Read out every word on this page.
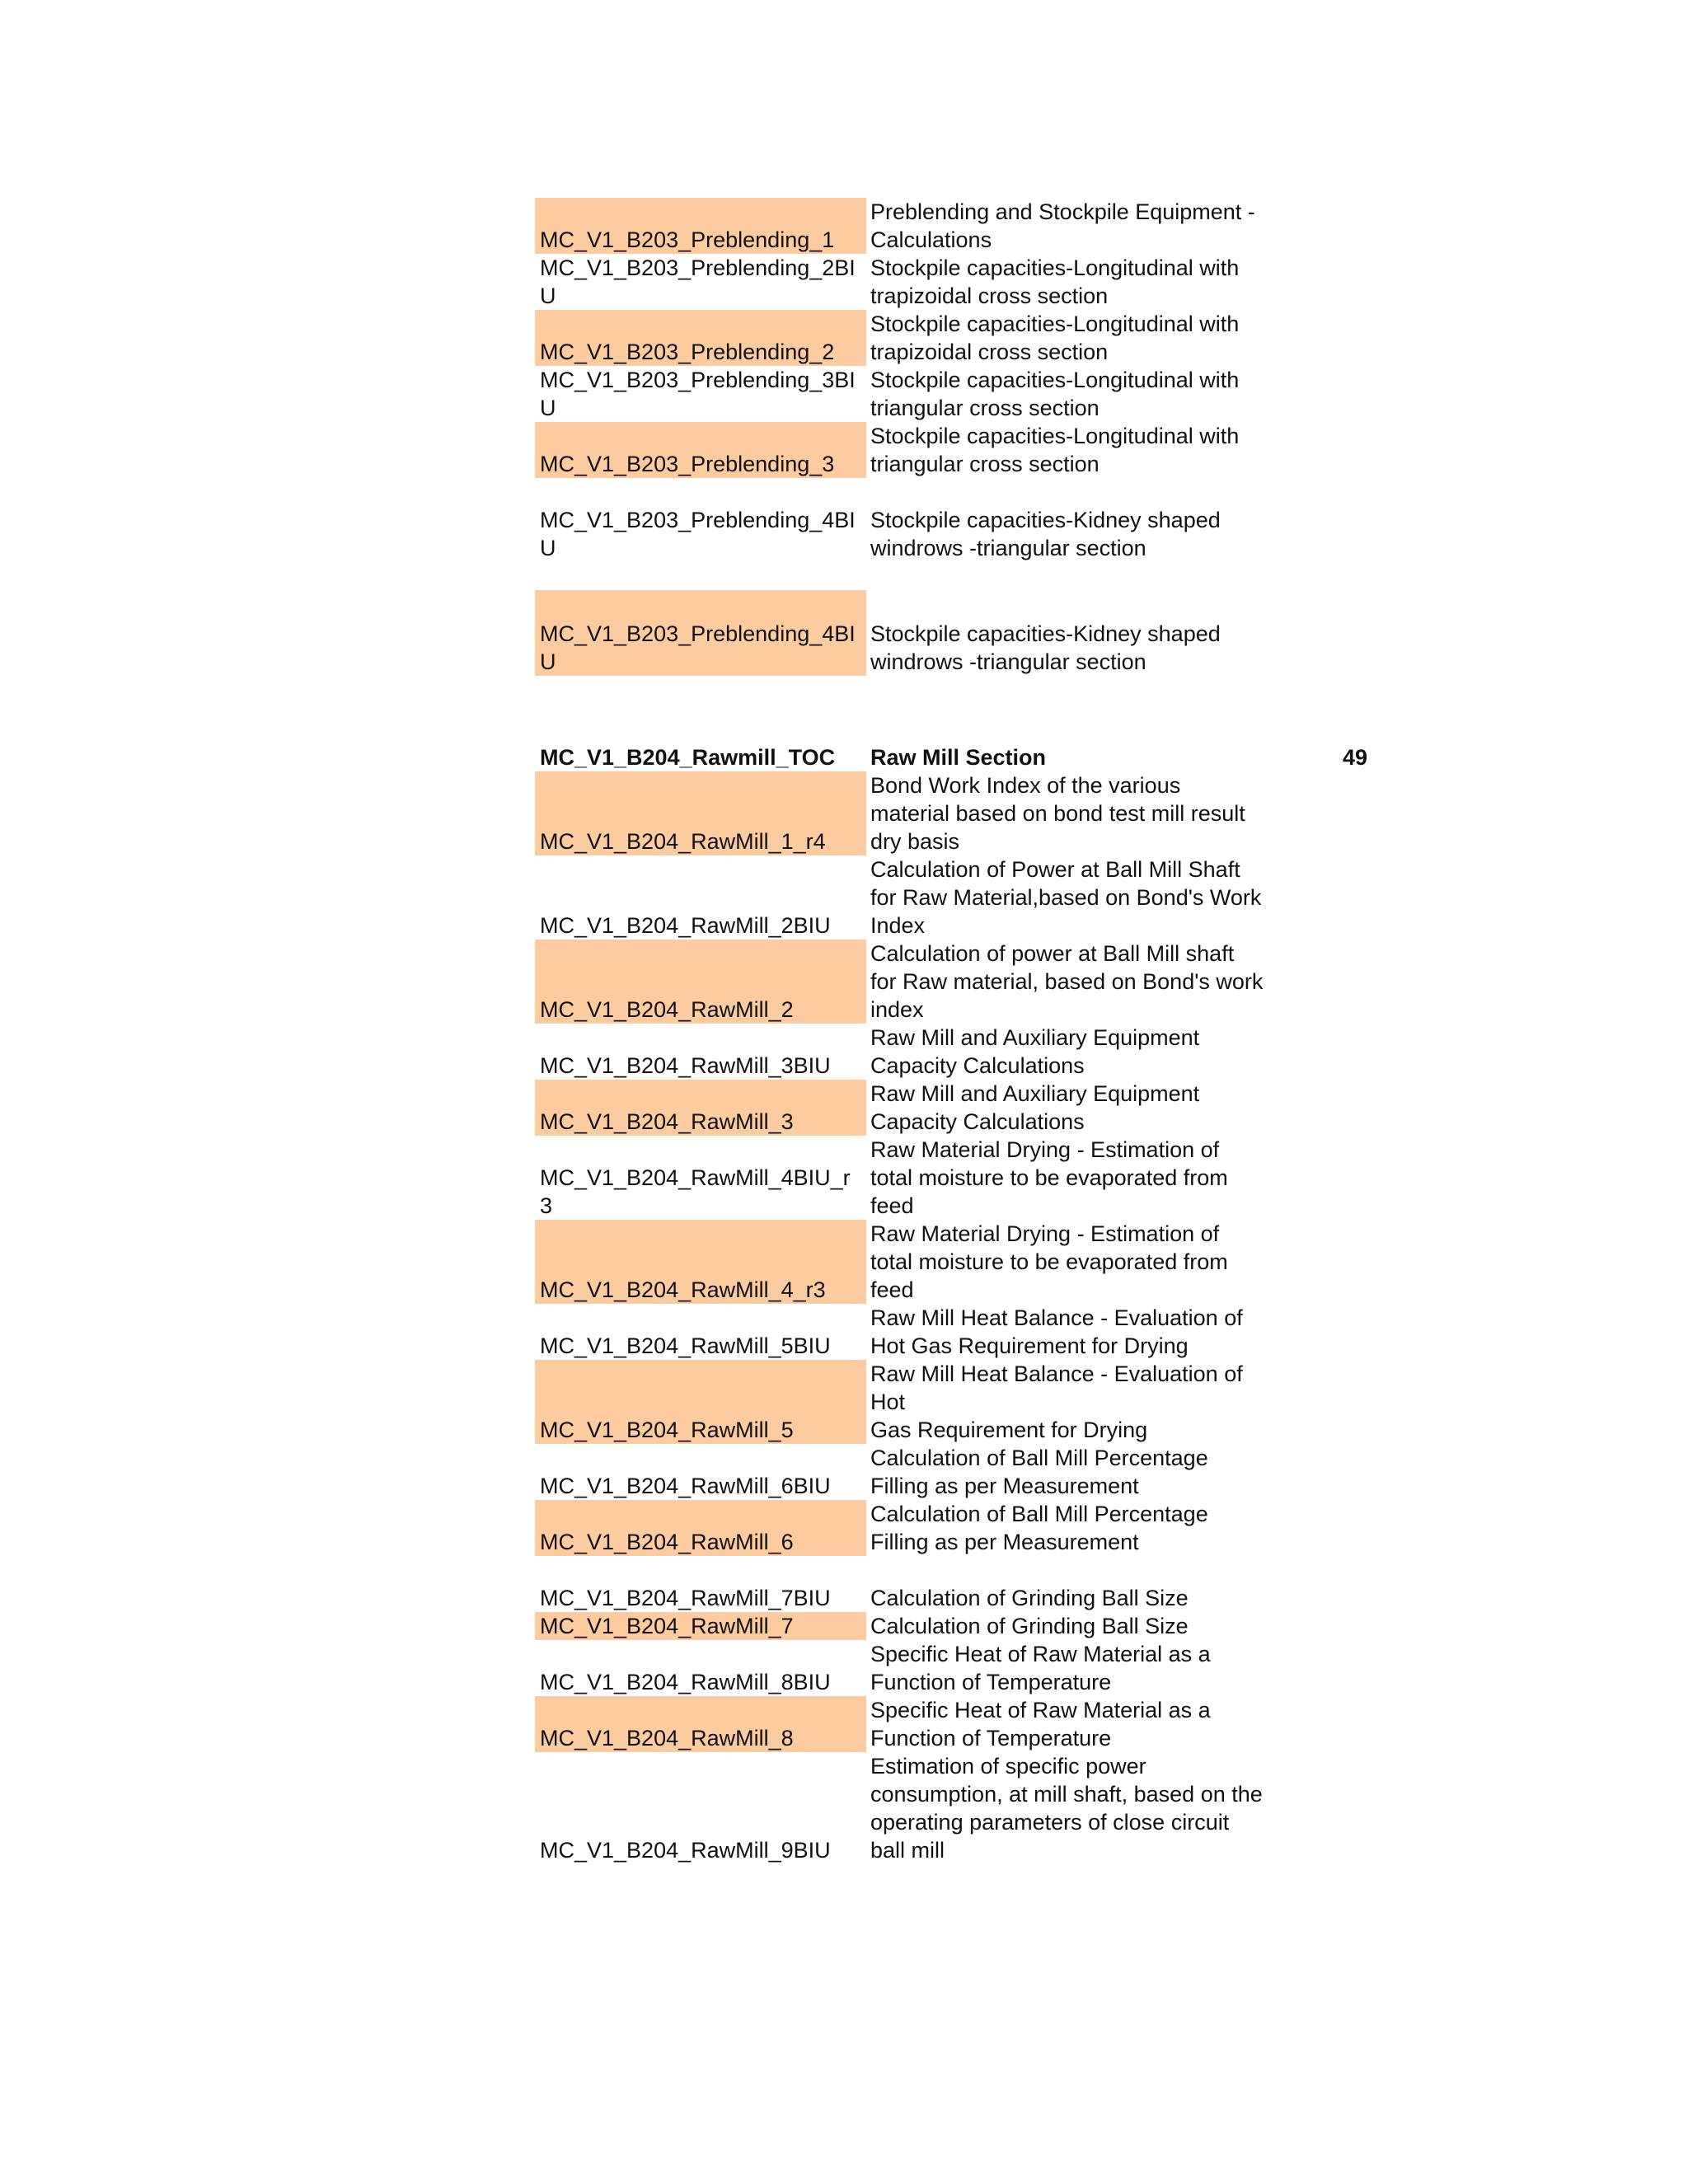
MC_V1_B203_Preblending_1
Preblending and Stockpile Equipment -
Calculations
MC_V1_B203_Preblending_2BI
U
Stockpile capacities-Longitudinal with
trapizoidal cross section
MC_V1_B203_Preblending_2
Stockpile capacities-Longitudinal with
trapizoidal cross section
MC_V1_B203_Preblending_3BI
U
Stockpile capacities-Longitudinal with
triangular cross section
MC_V1_B203_Preblending_3
Stockpile capacities-Longitudinal with
triangular cross section
MC_V1_B203_Preblending_4BI
U
Stockpile capacities-Kidney shaped
windrows -triangular section
MC_V1_B203_Preblending_4BI
U
Stockpile capacities-Kidney shaped
windrows -triangular section
MC_V1_B204_Rawmill_TOC Raw Mill Section	49
MC_V1_B204_RawMill_1_r4
Bond Work Index of the various
material based on bond test mill result
dry basis
MC_V1_B204_RawMill_2BIU
Calculation of Power at Ball Mill Shaft
for Raw Material,based on Bond's Work
Index
MC_V1_B204_RawMill_2
Calculation of power at Ball Mill shaft
for Raw material, based on Bond's work
index
MC_V1_B204_RawMill_3BIU
Raw Mill and Auxiliary Equipment
Capacity Calculations
MC_V1_B204_RawMill_3
Raw Mill and Auxiliary Equipment
Capacity Calculations
MC_V1_B204_RawMill_4BIU_r
3
Raw Material Drying - Estimation of
total moisture to be evaporated from
feed
MC_V1_B204_RawMill_4_r3
Raw Material Drying - Estimation of
total moisture to be evaporated from
feed
MC_V1_B204_RawMill_5BIU
Raw Mill Heat Balance - Evaluation of
Hot Gas Requirement for Drying
MC_V1_B204_RawMill_5
Raw Mill Heat Balance - Evaluation of
Hot
Gas Requirement for Drying
MC_V1_B204_RawMill_6BIU
Calculation of Ball Mill Percentage
Filling as per Measurement
MC_V1_B204_RawMill_6
Calculation of Ball Mill Percentage
Filling as per Measurement
MC_V1_B204_RawMill_7BIU Calculation of Grinding Ball Size
MC_V1_B204_RawMill_7	Calculation of Grinding Ball Size
MC_V1_B204_RawMill_8BIU
Specific Heat of Raw Material as a
Function of Temperature
MC_V1_B204_RawMill_8
Specific Heat of Raw Material as a
Function of Temperature
MC_V1_B204_RawMill_9BIU
Estimation of specific power
consumption, at mill shaft, based on the
operating parameters of close circuit
ball mill
